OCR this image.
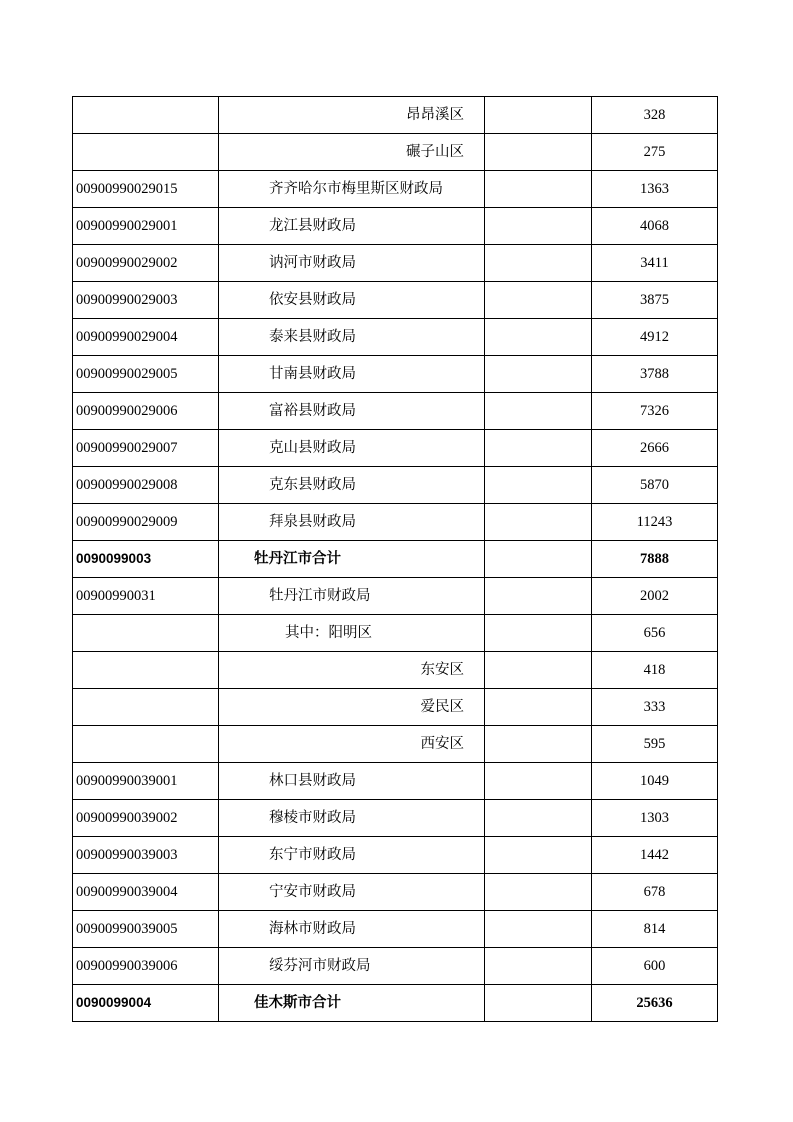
	昂昂溪区		328
	碾子山区		275
00900990029015	齐齐哈尔市梅里斯区财政局		1363
00900990029001	龙江县财政局		4068
00900990029002	讷河市财政局		3411
00900990029003	依安县财政局		3875
00900990029004	泰来县财政局		4912
00900990029005	甘南县财政局		3788
00900990029006	富裕县财政局		7326
00900990029007	克山县财政局		2666
00900990029008	克东县财政局		5870
00900990029009	拜泉县财政局		11243
0090099003	牡丹江市合计		7888
00900990031	牡丹江市财政局		2002
	其中：阳明区		656
	东安区		418
	爱民区		333
	西安区		595
00900990039001	林口县财政局		1049
00900990039002	穆棱市财政局		1303
00900990039003	东宁市财政局		1442
00900990039004	宁安市财政局		678
00900990039005	海林市财政局		814
00900990039006	绥芬河市财政局		600
0090099004	佳木斯市合计		25636
